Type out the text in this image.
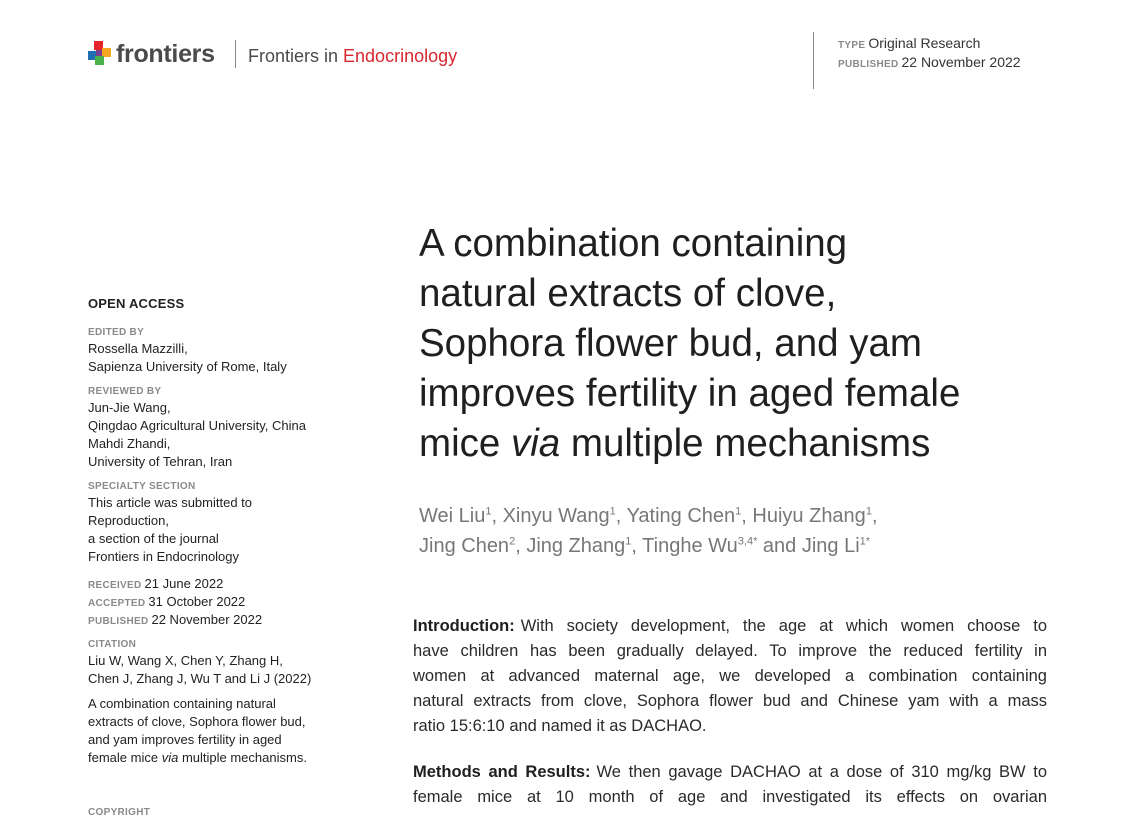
frontiers Frontiers in Endocrinology
TYPE Original Research
PUBLISHED 22 November 2022
OPEN ACCESS
EDITED BY
Rossella Mazzilli,
Sapienza University of Rome, Italy
REVIEWED BY
Jun-Jie Wang,
Qingdao Agricultural University, China
Mahdi Zhandi,
University of Tehran, Iran
SPECIALTY SECTION
This article was submitted to
Reproduction,
a section of the journal
Frontiers in Endocrinology
RECEIVED 21 June 2022
ACCEPTED 31 October 2022
PUBLISHED 22 November 2022
CITATION
Liu W, Wang X, Chen Y, Zhang H,
Chen J, Zhang J, Wu T and Li J (2022)
A combination containing natural
extracts of clove, Sophora flower bud,
and yam improves fertility in aged
female mice via multiple mechanisms.
COPYRIGHT
A combination containing
natural extracts of clove,
Sophora flower bud, and yam
improves fertility in aged female
mice via multiple mechanisms
Wei Liu$^1$, Xinyu Wang$^1$, Yating Chen$^1$, Huiyu Zhang$^1$,
Jing Chen$^2$, Jing Zhang$^1$, Tinghe $Wu^{3,4*}$ and Jing $Li^{1*}$

Introduction: With society development, the age at which women choose to
have children has been gradually delayed. To improve the reduced fertility in
women at advanced maternal age, we developed a combination containing
natural extracts from clove, Sophora flower bud and Chinese yam with a mass
ratio 15:6:10 and named it as DACHAO.

Methods and Results: We then gavage DACHAO at a dose of 310 mg/kg BW to
female mice at 10 month of age and investigated its effects on ovarian
